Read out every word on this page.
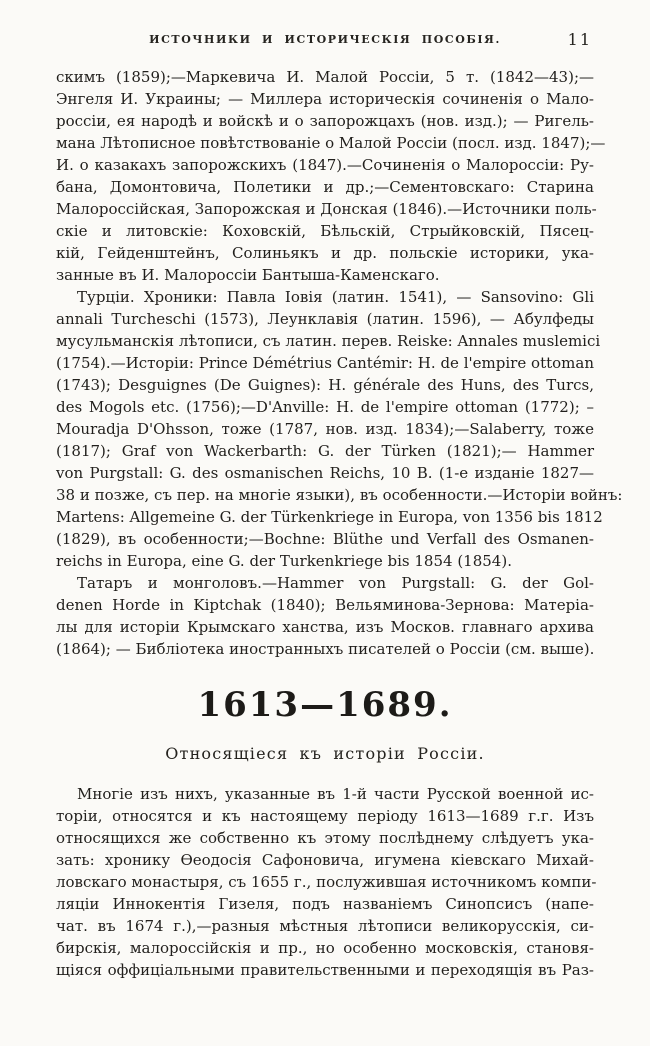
ИСТОЧНИКИ И ИСТОРИЧЕСКІЯ ПОСОБІЯ.	11
скимъ (1859);—Маркевича И. Малой Россіи, 5 т. (1842—43);—
Энгеля И. Украины; — Миллера историческія сочиненія о Мало-
россіи, ея народѣ и войскѣ и о запорожцахъ (нов. изд.); — Ригель-
мана Лѣтописное повѣтствованіе о Малой Россіи (посл. изд. 1847);—
И. о казакахъ запорожскихъ (1847).—Сочиненія о Малороссіи: Ру-
бана, Домонтовича, Полетики и др.;—Сементовскаго: Старина
Малороссійская, Запорожская и Донская (1846).—Источники поль-
скіе и литовскіе: Коховскій, Бѣльскій, Стрыйковскій, Пясец-
кій, Гейденштейнъ, Солиньякъ и др. польскіе историки, ука-
занные въ И. Малороссіи Бантыша-Каменскаго.
Турціи. Хроники: Павла Іовія (латин. 1541), — Sansovino: Gli
annali Turcheschi (1573), Леунклавія (латин. 1596), — Абулфеды
мусульманскія лѣтописи, съ латин. перев. Reiske: Annales muslemici
(1754).—Исторіи: Prince Démétrius Cantémir: H. de l'empire ottoman
(1743); Desguignes (De Guignes): H. générale des Huns, des Turcs,
des Mogols etc. (1756);—D'Anville: H. de l'empire ottoman (1772); –
Mouradja D'Ohsson, тоже (1787, нов. изд. 1834);—Salaberry, тоже
(1817); Graf von Wackerbarth: G. der Türken (1821);— Hammer
von Purgstall: G. des osmanischen Reichs, 10 B. (1-е изданіе 1827—
38 и позже, съ пер. на многіе языки), въ особенности.—Исторіи войнъ:
Martens: Allgemeine G. der Türkenkriege in Europa, von 1356 bis 1812
(1829), въ особенности;—Bochne: Blüthe und Verfall des Osmanen-
reichs in Europa, eine G. der Turkenkriege bis 1854 (1854).
Татаръ и монголовъ.—Hammer von Purgstall: G. der Gol-
denen Horde in Kiptchak (1840); Вельяминова-Зернова: Матеріа-
лы для исторіи Крымскаго ханства, изъ Москов. главнаго архива
(1864); — Библіотека иностранныхъ писателей о Россіи (см. выше).
1613—1689.
Относящіеся къ исторіи Россіи.
Многіе изъ нихъ, указанные въ 1-й части Русской военной ис-
торіи, относятся и къ настоящему періоду 1613—1689 г.г. Изъ
относящихся же собственно къ этому послѣднему слѣдуетъ ука-
зать: хронику Ѳеодосія Сафоновича, игумена кіевскаго Михай-
ловскаго монастыря, съ 1655 г., послужившая источникомъ компи-
ляціи Иннокентія Гизеля, подъ названіемъ Синопсисъ (напе-
чат. въ 1674 г.),—разныя мѣстныя лѣтописи великорусскія, си-
бирскія, малороссійскія и пр., но особенно московскія, становя-
щіяся оффиціальными правительственными и переходящія въ Раз-
